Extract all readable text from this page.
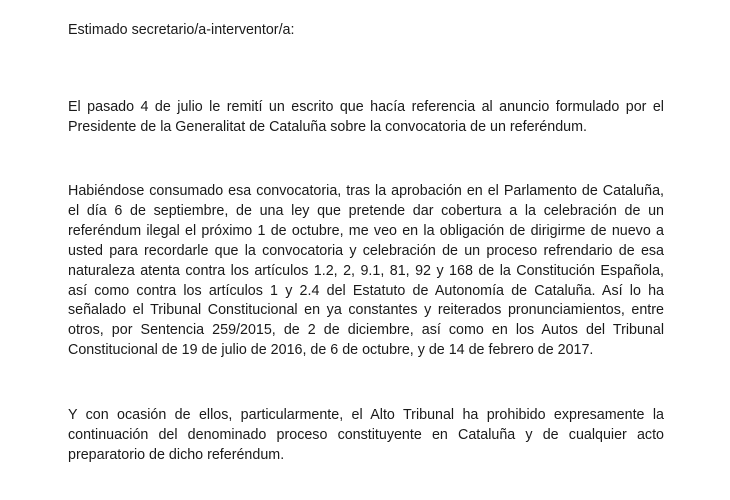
Estimado secretario/a-interventor/a:

El pasado 4 de julio le remití un escrito que hacía referencia al anuncio formulado por el Presidente de la Generalitat de Cataluña sobre la convocatoria de un referéndum.

Habiéndose consumado esa convocatoria, tras la aprobación en el Parlamento de Cataluña, el día 6 de septiembre, de una ley que pretende dar cobertura a la celebración de un referéndum ilegal el próximo 1 de octubre, me veo en la obligación de dirigirme de nuevo a usted para recordarle que la convocatoria y celebración de un proceso refrendario de esa naturaleza atenta contra los artículos 1.2, 2, 9.1, 81, 92 y 168 de la Constitución Española, así como contra los artículos 1 y 2.4 del Estatuto de Autonomía de Cataluña. Así lo ha señalado el Tribunal Constitucional en ya constantes y reiterados pronunciamientos, entre otros, por Sentencia 259/2015, de 2 de diciembre, así como en los Autos del Tribunal Constitucional de 19 de julio de 2016, de 6 de octubre, y de 14 de febrero de 2017.

Y con ocasión de ellos, particularmente, el Alto Tribunal ha prohibido expresamente la continuación del denominado proceso constituyente en Cataluña y de cualquier acto preparatorio de dicho referéndum.
